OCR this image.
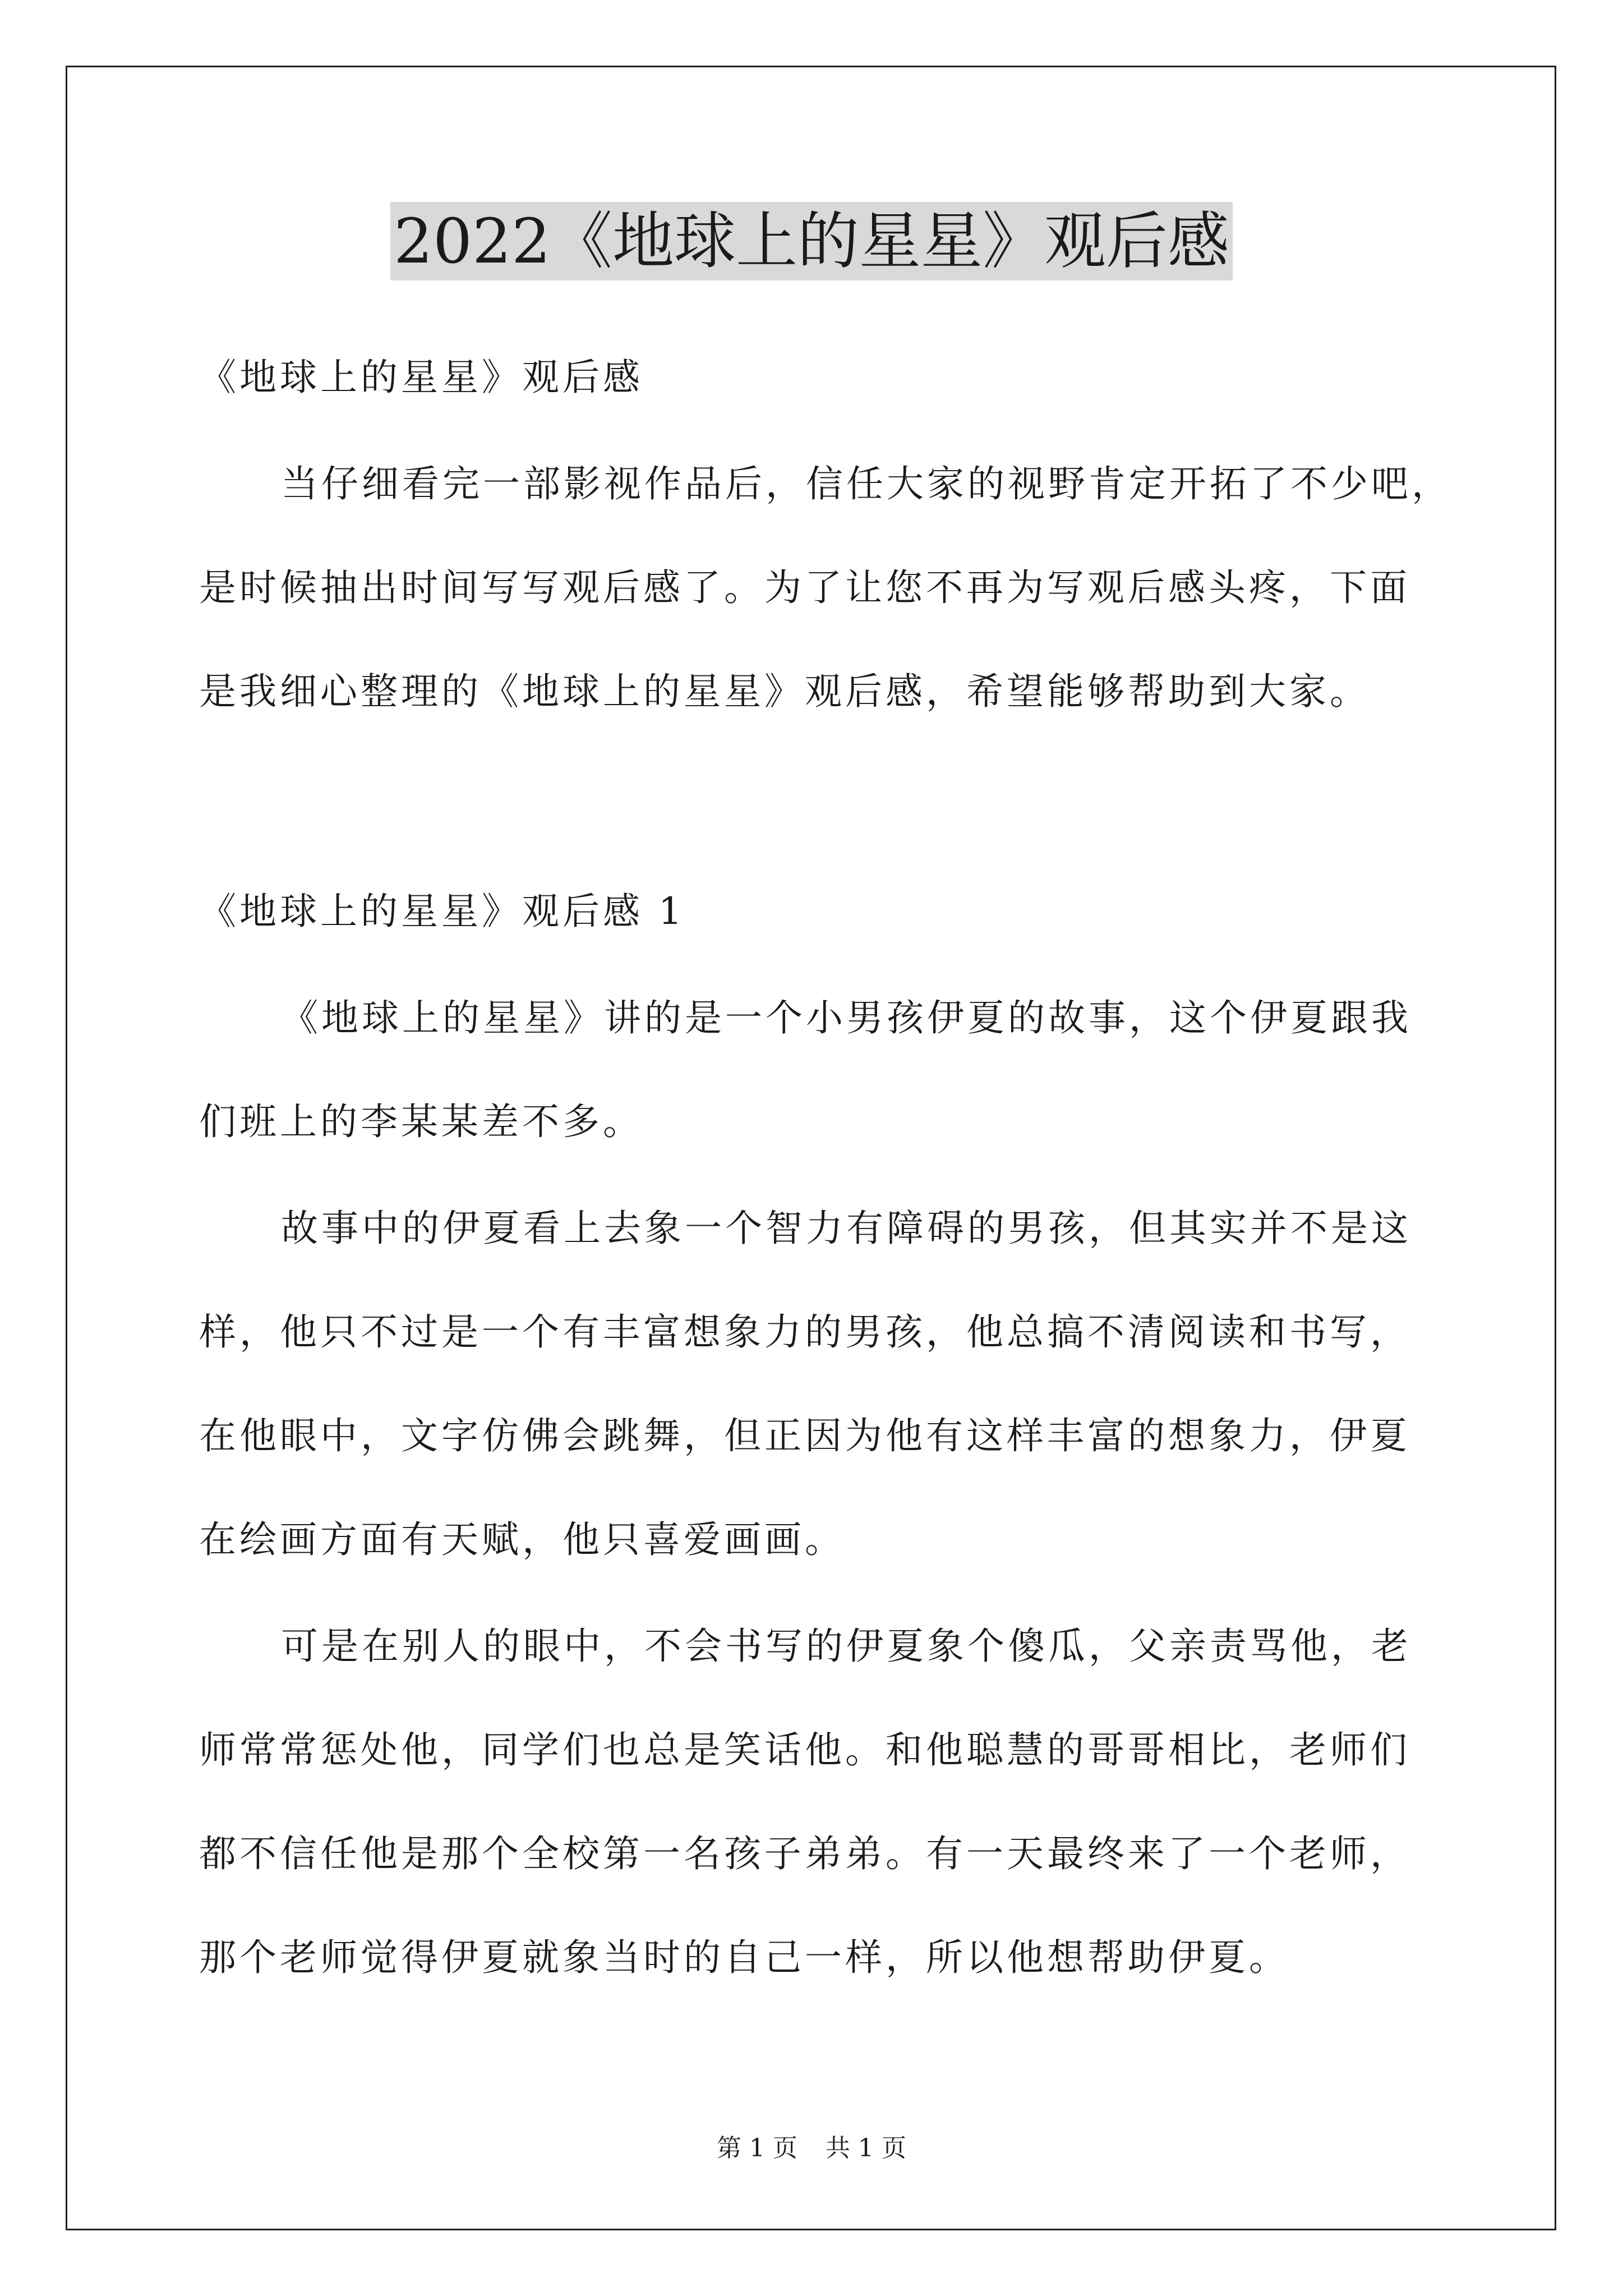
2022《地球上的星星》观后感
《地球上的星星》观后感
当仔细看完一部影视作品后，信任大家的视野肯定开拓了不少吧，
是时候抽出时间写写观后感了。为了让您不再为写观后感头疼，下面
是我细心整理的《地球上的星星》观后感，希望能够帮助到大家。
《地球上的星星》观后感 1
《地球上的星星》讲的是一个小男孩伊夏的故事，这个伊夏跟我
们班上的李某某差不多。
故事中的伊夏看上去象一个智力有障碍的男孩，但其实并不是这
样，他只不过是一个有丰富想象力的男孩，他总搞不清阅读和书写，
在他眼中，文字仿佛会跳舞，但正因为他有这样丰富的想象力，伊夏
在绘画方面有天赋，他只喜爱画画。
可是在别人的眼中，不会书写的伊夏象个傻瓜，父亲责骂他，老
师常常惩处他，同学们也总是笑话他。和他聪慧的哥哥相比，老师们
都不信任他是那个全校第一名孩子弟弟。有一天最终来了一个老师，
那个老师觉得伊夏就象当时的自己一样，所以他想帮助伊夏。
第 1 页 共 1 页
